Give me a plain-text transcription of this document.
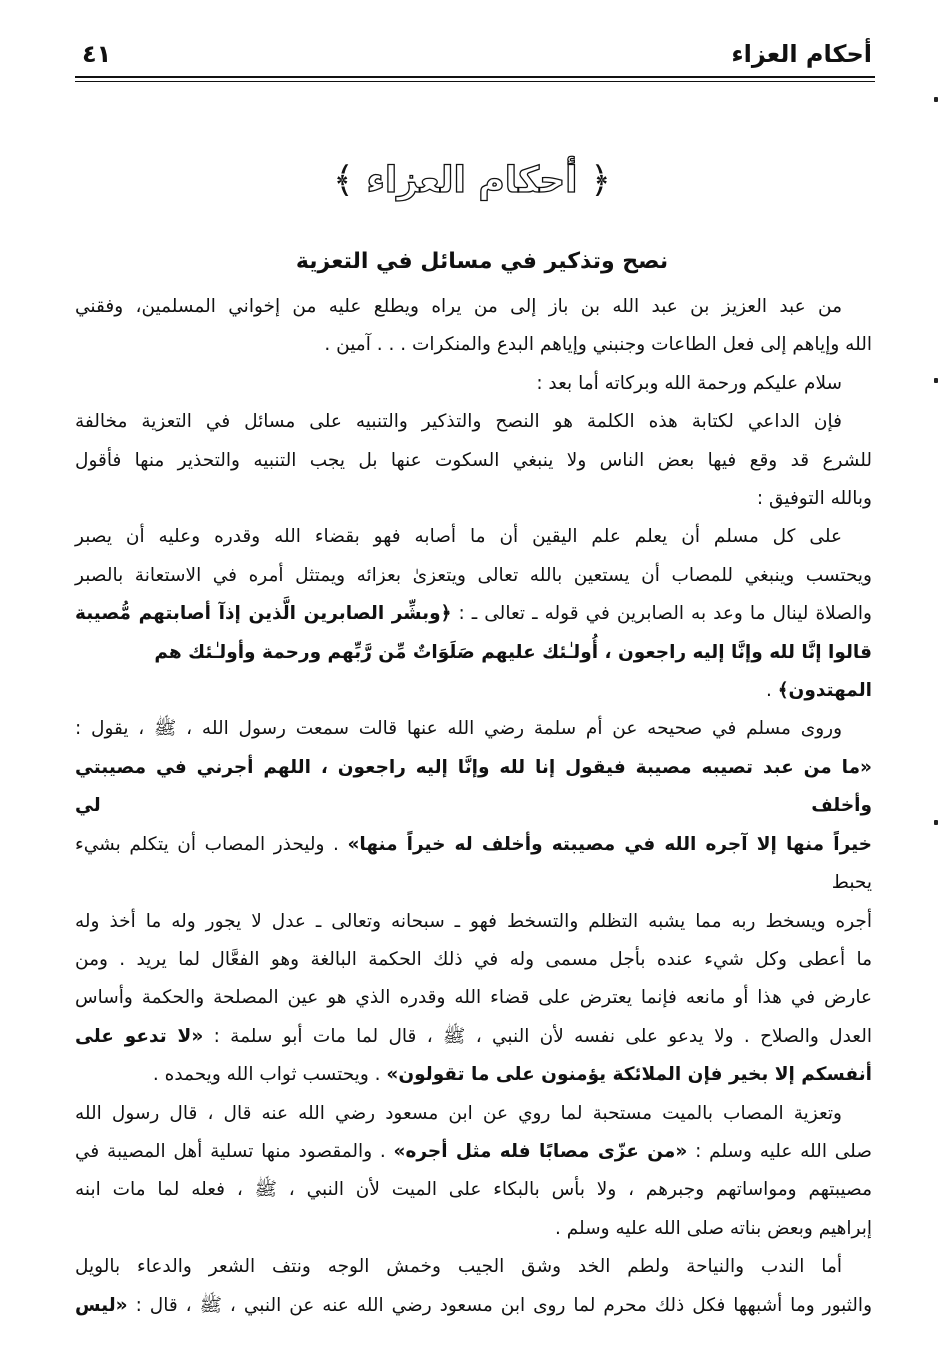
أحكام العزاء
٤١
﴿ أحكام العزاء ﴾
نصح وتذكير في مسائل في التعزية
من عبد العزيز بن عبد الله بن باز إلى من يراه ويطلع عليه من إخواني المسلمين، وفقني
الله وإياهم إلى فعل الطاعات وجنبني وإياهم البدع والمنكرات . . . آمين .
سلام عليكم ورحمة الله وبركاته أما بعد :
فإن الداعي لكتابة هذه الكلمة هو النصح والتذكير والتنبيه على مسائل في التعزية مخالفة
للشرع قد وقع فيها بعض الناس ولا ينبغي السكوت عنها بل يجب التنبيه والتحذير منها فأقول
وبالله التوفيق :
على كل مسلم أن يعلم علم اليقين أن ما أصابه فهو بقضاء الله وقدره وعليه أن يصبر
ويحتسب وينبغي للمصاب أن يستعين بالله تعالى ويتعزىٰ بعزائه ويمتثل أمره في الاستعانة بالصبر
والصلاة لينال ما وعد به الصابرين في قوله ـ تعالى ـ : ﴿وبشِّر الصابرين الَّذين إذآ أصابتهم مُّصيبة
قالوا إنَّا لله وإنَّا إليه راجعون ، أُولـٰئك عليهم صَلَوَاتٌ مِّن رَّبِّهم ورحمة وأولـٰئك هم المهتدون﴾ .
وروى مسلم في صحيحه عن أم سلمة رضي الله عنها قالت سمعت رسول الله ، ﷺ ، يقول :
«ما من عبد تصيبه مصيبة فيقول إنا لله وإنَّا إليه راجعون ، اللهم أجرني في مصيبتي وأخلف لي
خيراً منها إلا آجره الله في مصيبته وأخلف له خيراً منها» . وليحذر المصاب أن يتكلم بشيء يحبط
أجره ويسخط ربه مما يشبه التظلم والتسخط فهو ـ سبحانه وتعالى ـ عدل لا يجور وله ما أخذ وله
ما أعطى وكل شيء عنده بأجل مسمى وله في ذلك الحكمة البالغة وهو الفعَّال لما يريد . ومن
عارض في هذا أو مانعه فإنما يعترض على قضاء الله وقدره الذي هو عين المصلحة والحكمة وأساس
العدل والصلاح . ولا يدعو على نفسه لأن النبي ، ﷺ ، قال لما مات أبو سلمة : «لا تدعو على
أنفسكم إلا بخير فإن الملائكة يؤمنون على ما تقولون» . ويحتسب ثواب الله ويحمده .
وتعزية المصاب بالميت مستحبة لما روي عن ابن مسعود رضي الله عنه قال ، قال رسول الله
صلى الله عليه وسلم : «من عزّى مصابًا فله مثل أجره» . والمقصود منها تسلية أهل المصيبة في
مصيبتهم ومواساتهم وجبرهم ، ولا بأس بالبكاء على الميت لأن النبي ، ﷺ ، فعله لما مات ابنه
إبراهيم وبعض بناته صلى الله عليه وسلم .
أما الندب والنياحة ولطم الخد وشق الجيب وخمش الوجه ونتف الشعر والدعاء بالويل
والثبور وما أشبهها فكل ذلك محرم لما روى ابن مسعود رضي الله عنه عن النبي ، ﷺ ، قال : «ليس
